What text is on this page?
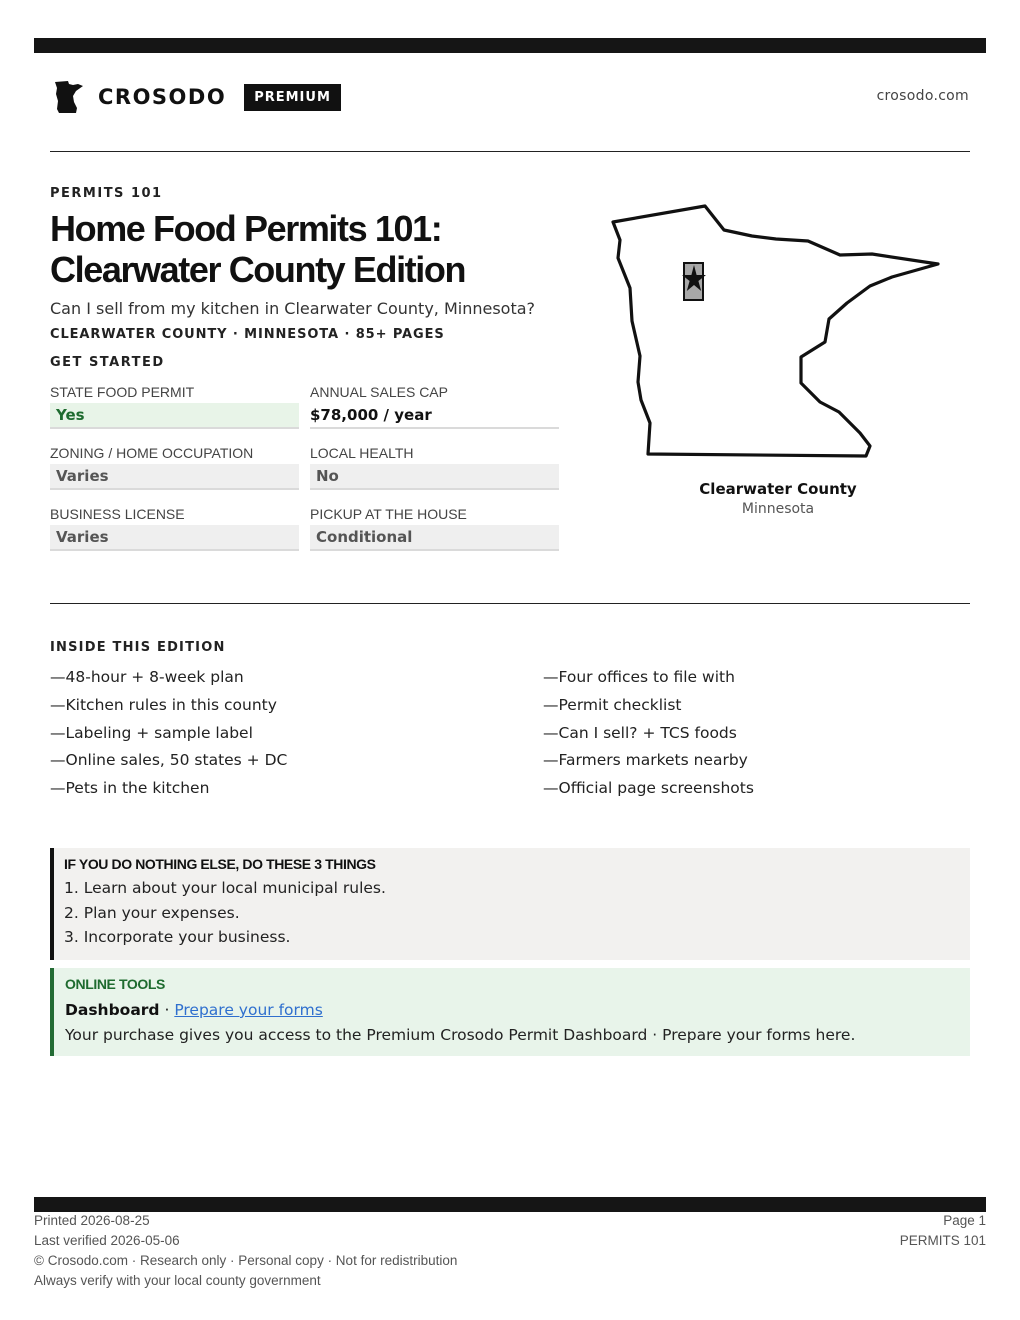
CROSODO	PREMIUM	crosodo.com
PERMITS 101
Home Food Permits 101: Clearwater County Edition
Can I sell from my kitchen in Clearwater County, Minnesota?
CLEARWATER COUNTY · MINNESOTA · 85+ PAGES
GET STARTED
STATE FOOD PERMIT
Yes
ANNUAL SALES CAP
$78,000 / year
ZONING / HOME OCCUPATION
Varies
LOCAL HEALTH
No
BUSINESS LICENSE
Varies
PICKUP AT THE HOUSE
Conditional
Clearwater County
Minnesota
INSIDE THIS EDITION
—48-hour + 8-week plan
—Kitchen rules in this county
—Labeling + sample label
—Online sales, 50 states + DC
—Pets in the kitchen
—Four offices to file with
—Permit checklist
—Can I sell? + TCS foods
—Farmers markets nearby
—Official page screenshots
IF YOU DO NOTHING ELSE, DO THESE 3 THINGS
1. Learn about your local municipal rules.
2. Plan your expenses.
3. Incorporate your business.
ONLINE TOOLS
Dashboard · Prepare your forms
Your purchase gives you access to the Premium Crosodo Permit Dashboard · Prepare your forms here.
Printed 2026-08-25
Last verified 2026-05-06
© Crosodo.com · Research only · Personal copy · Not for redistribution
Always verify with your local county government
Page 1
PERMITS 101
